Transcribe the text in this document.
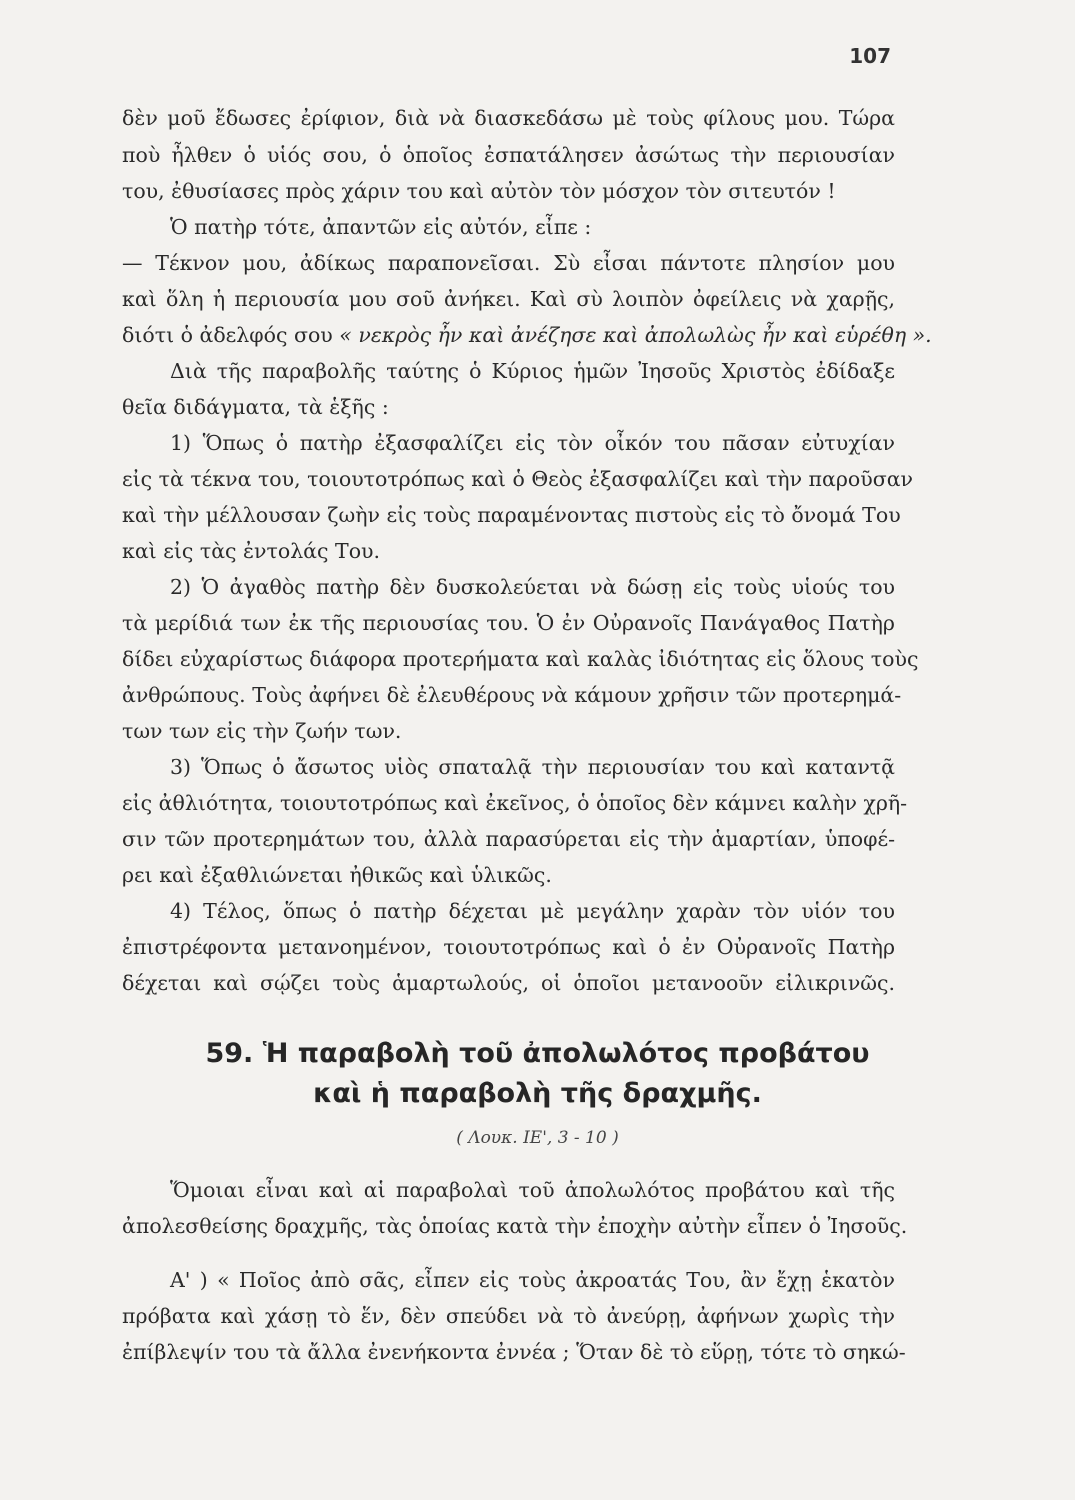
107
δὲν μοῦ ἔδωσες ἐρίφιον, διὰ νὰ διασκεδάσω μὲ τοὺς φίλους μου. Τώρα
ποὺ ἦλθεν ὁ υἱός σου, ὁ ὁποῖος ἐσπατάλησεν ἀσώτως τὴν περιουσίαν
του, ἐθυσίασες πρὸς χάριν του καὶ αὐτὸν τὸν μόσχον τὸν σιτευτόν !
Ὁ πατὴρ τότε, ἀπαντῶν εἰς αὐτόν, εἶπε :
— Τέκνον μου, ἀδίκως παραπονεῖσαι. Σὺ εἶσαι πάντοτε πλησίον μου
καὶ ὅλη ἡ περιουσία μου σοῦ ἀνήκει. Καὶ σὺ λοιπὸν ὀφείλεις νὰ χαρῇς,
διότι ὁ ἀδελφός σου « νεκρὸς ἦν καὶ ἀνέζησε καὶ ἀπολωλὼς ἦν καὶ εὑρέθη ».
Διὰ τῆς παραβολῆς ταύτης ὁ Κύριος ἡμῶν Ἰησοῦς Χριστὸς ἐδίδαξε
θεῖα διδάγματα, τὰ ἑξῆς :
1) Ὅπως ὁ πατὴρ ἐξασφαλίζει εἰς τὸν οἶκόν του πᾶσαν εὐτυχίαν
εἰς τὰ τέκνα του, τοιουτοτρόπως καὶ ὁ Θεὸς ἐξασφαλίζει καὶ τὴν παροῦσαν
καὶ τὴν μέλλουσαν ζωὴν εἰς τοὺς παραμένοντας πιστοὺς εἰς τὸ ὄνομά Του
καὶ εἰς τὰς ἐντολάς Του.
2) Ὁ ἀγαθὸς πατὴρ δὲν δυσκολεύεται νὰ δώσῃ εἰς τοὺς υἱούς του
τὰ μερίδιά των ἐκ τῆς περιουσίας του. Ὁ ἐν Οὐρανοῖς Πανάγαθος Πατὴρ
δίδει εὐχαρίστως διάφορα προτερήματα καὶ καλὰς ἰδιότητας εἰς ὅλους τοὺς
ἀνθρώπους. Τοὺς ἀφήνει δὲ ἐλευθέρους νὰ κάμουν χρῆσιν τῶν προτερημά-
των των εἰς τὴν ζωήν των.
3) Ὅπως ὁ ἄσωτος υἱὸς σπαταλᾷ τὴν περιουσίαν του καὶ καταντᾷ
εἰς ἀθλιότητα, τοιουτοτρόπως καὶ ἐκεῖνος, ὁ ὁποῖος δὲν κάμνει καλὴν χρῆ-
σιν τῶν προτερημάτων του, ἀλλὰ παρασύρεται εἰς τὴν ἁμαρτίαν, ὑποφέ-
ρει καὶ ἐξαθλιώνεται ἠθικῶς καὶ ὑλικῶς.
4) Τέλος, ὅπως ὁ πατὴρ δέχεται μὲ μεγάλην χαρὰν τὸν υἱόν του
ἐπιστρέφοντα μετανοημένον, τοιουτοτρόπως καὶ ὁ ἐν Οὐρανοῖς Πατὴρ
δέχεται καὶ σῴζει τοὺς ἁμαρτωλούς, οἱ ὁποῖοι μετανοοῦν εἰλικρινῶς.
59. Ἡ παραβολὴ τοῦ ἀπολωλότος προβάτου
καὶ ἡ παραβολὴ τῆς δραχμῆς.
( Λουκ. ΙΕ', 3 - 10 )
Ὅμοιαι εἶναι καὶ αἱ παραβολαὶ τοῦ ἀπολωλότος προβάτου καὶ τῆς
ἀπολεσθείσης δραχμῆς, τὰς ὁποίας κατὰ τὴν ἐποχὴν αὐτὴν εἶπεν ὁ Ἰησοῦς.
Α' ) « Ποῖος ἀπὸ σᾶς, εἶπεν εἰς τοὺς ἀκροατάς Του, ἂν ἔχῃ ἑκατὸν
πρόβατα καὶ χάσῃ τὸ ἕν, δὲν σπεύδει νὰ τὸ ἀνεύρῃ, ἀφήνων χωρὶς τὴν
ἐπίβλεψίν του τὰ ἄλλα ἐνενήκοντα ἐννέα ; Ὅταν δὲ τὸ εὕρῃ, τότε τὸ σηκώ-
